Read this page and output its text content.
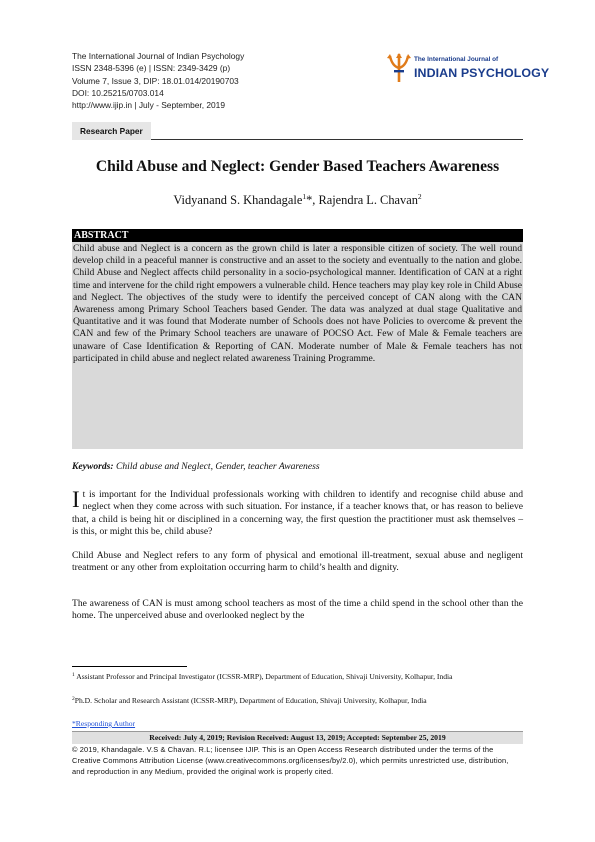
The International Journal of Indian Psychology
ISSN 2348-5396 (e) | ISSN: 2349-3429 (p)
Volume 7, Issue 3, DIP: 18.01.014/20190703
DOI: 10.25215/0703.014
http://www.ijip.in | July - September, 2019
The International Journal of
INDIAN PSYCHOLOGY
Research Paper
Child Abuse and Neglect: Gender Based Teachers Awareness
Vidyanand S. Khandagale$^1$*, Rajendra L. Chavan$^2$
ABSTRACT
Child abuse and Neglect is a concern as the grown child is later a responsible citizen of society. The well round develop child in a peaceful manner is constructive and an asset to the society and eventually to the nation and globe. Child Abuse and Neglect affects child personality in a socio-psychological manner. Identification of CAN at a right time and intervene for the child right empowers a vulnerable child. Hence teachers may play key role in Child Abuse and Neglect. The objectives of the study were to identify the perceived concept of CAN along with the CAN Awareness among Primary School Teachers based Gender. The data was analyzed at dual stage Qualitative and Quantitative and it was found that Moderate number of Schools does not have Policies to overcome & prevent the CAN and few of the Primary School teachers are unaware of POCSO Act. Few of Male & Female teachers are unaware of Case Identification & Reporting of CAN. Moderate number of Male & Female teachers has not participated in child abuse and neglect related awareness Training Programme.
Keywords: Child abuse and Neglect, Gender, teacher Awareness
It is important for the Individual professionals working with children to identify and recognise child abuse and neglect when they come across with such situation. For instance, if a teacher knows that, or has reason to believe that, a child is being hit or disciplined in a concerning way, the first question the practitioner must ask themselves – is this, or might this be, child abuse?
Child Abuse and Neglect refers to any form of physical and emotional ill-treatment, sexual abuse and negligent treatment or any other from exploitation occurring harm to child’s health and dignity.
The awareness of CAN is must among school teachers as most of the time a child spend in the school other than the home. The unperceived abuse and overlooked neglect by the
$^1$ Assistant Professor and Principal Investigator (ICSSR-MRP), Department of Education, Shivaji University, Kolhapur, India
$^2$Ph.D. Scholar and Research Assistant (ICSSR-MRP), Department of Education, Shivaji University, Kolhapur, India
*Responding Author
Received: July 4, 2019; Revision Received: August 13, 2019; Accepted: September 25, 2019
© 2019, Khandagale. V.S & Chavan. R.L; licensee IJIP. This is an Open Access Research distributed under the terms of the Creative Commons Attribution License (www.creativecommons.org/licenses/by/2.0), which permits unrestricted use, distribution, and reproduction in any Medium, provided the original work is properly cited.
